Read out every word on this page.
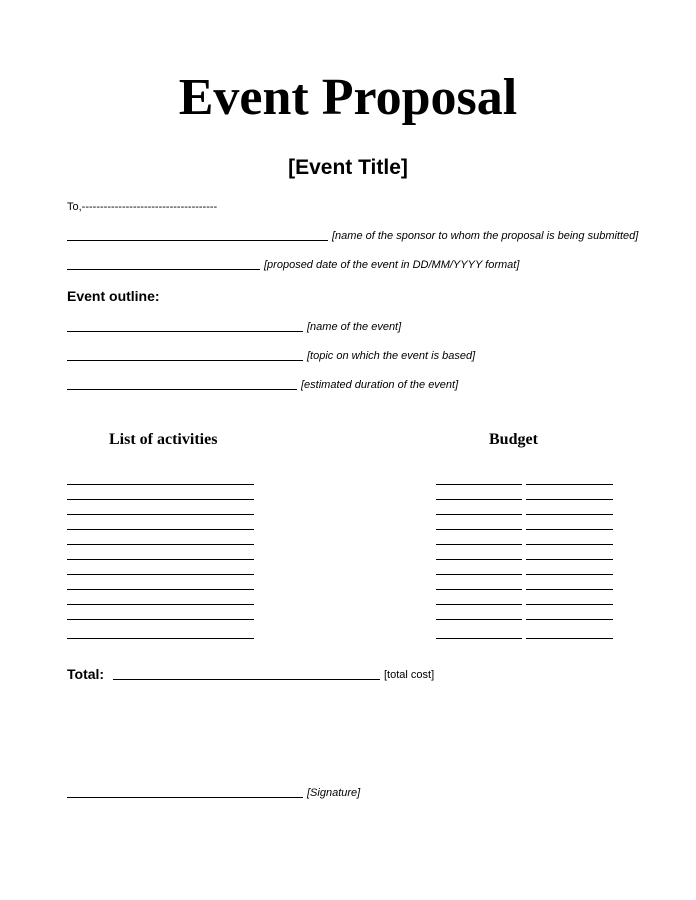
Event Proposal
[Event Title]
To,-------------------------------------
[name of the sponsor to whom the proposal is being submitted]
[proposed date of the event in DD/MM/YYYY format]
Event outline:
[name of the event]
[topic on which the event is based]
[estimated duration of the event]
List of activities	Budget
Total:	[total cost]
[Signature]
